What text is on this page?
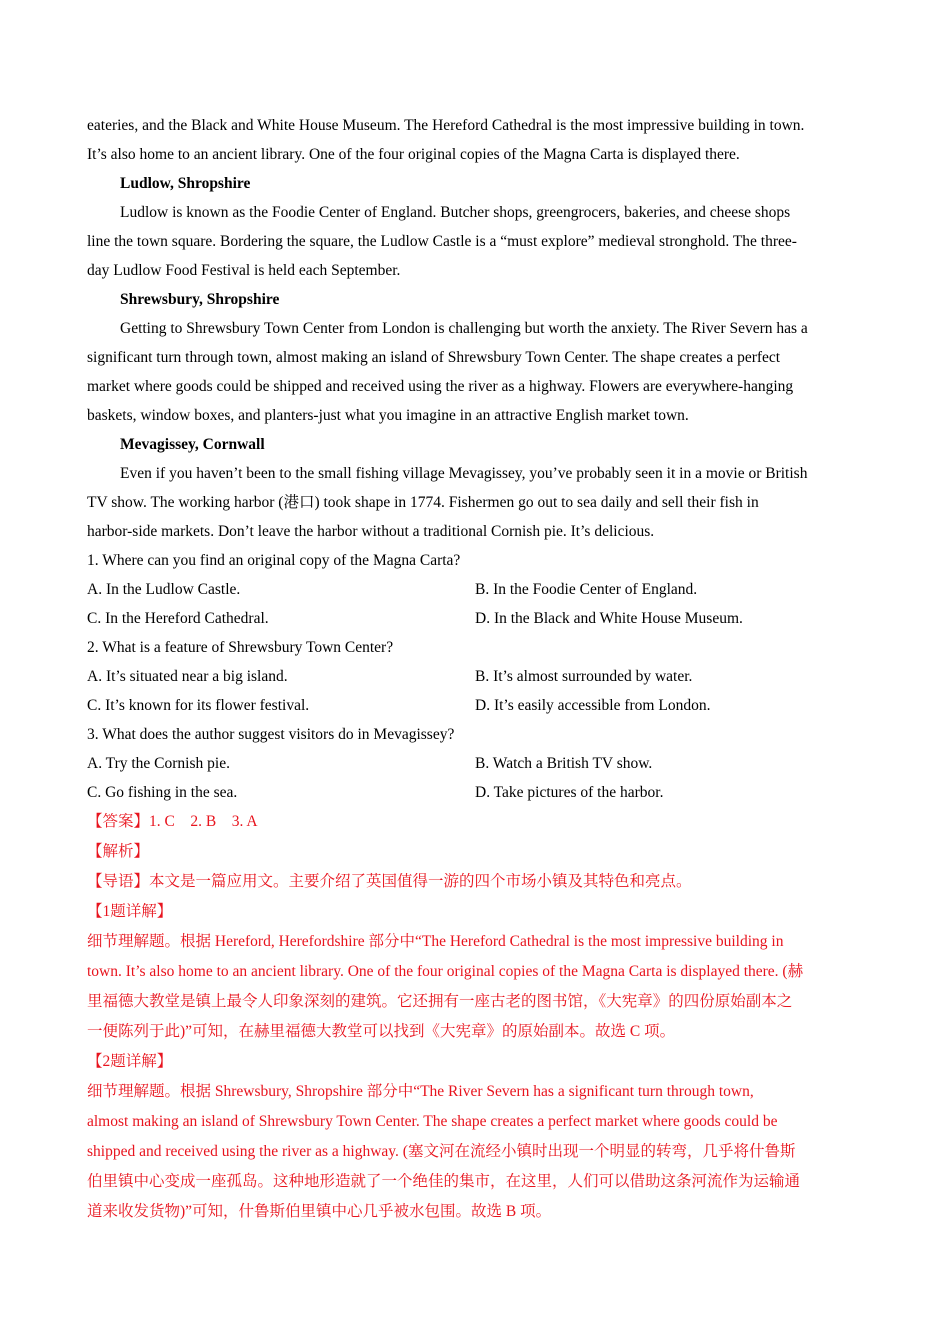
eateries, and the Black and White House Museum. The Hereford Cathedral is the most impressive building in town.
It’s also home to an ancient library. One of the four original copies of the Magna Carta is displayed there.
Ludlow, Shropshire
Ludlow is known as the Foodie Center of England. Butcher shops, greengrocers, bakeries, and cheese shops
line the town square. Bordering the square, the Ludlow Castle is a “must explore” medieval stronghold. The three-
day Ludlow Food Festival is held each September.
Shrewsbury, Shropshire
Getting to Shrewsbury Town Center from London is challenging but worth the anxiety. The River Severn has a
significant turn through town, almost making an island of Shrewsbury Town Center. The shape creates a perfect
market where goods could be shipped and received using the river as a highway. Flowers are everywhere-hanging
baskets, window boxes, and planters-just what you imagine in an attractive English market town.
Mevagissey, Cornwall
Even if you haven’t been to the small fishing village Mevagissey, you’ve probably seen it in a movie or British
TV show. The working harbor (港口) took shape in 1774. Fishermen go out to sea daily and sell their fish in
harbor-side markets. Don’t leave the harbor without a traditional Cornish pie. It’s delicious.
1. Where can you find an original copy of the Magna Carta?
A. In the Ludlow Castle.	B. In the Foodie Center of England.
C. In the Hereford Cathedral.	D. In the Black and White House Museum.
2. What is a feature of Shrewsbury Town Center?
A. It’s situated near a big island.	B. It’s almost surrounded by water.
C. It’s known for its flower festival.	D. It’s easily accessible from London.
3. What does the author suggest visitors do in Mevagissey?
A. Try the Cornish pie.	B. Watch a British TV show.
C. Go fishing in the sea.	D. Take pictures of the harbor.
【答案】1. C    2. B    3. A
【解析】
【导语】本文是一篇应用文。主要介绍了英国值得一游的四个市场小镇及其特色和亮点。
【1题详解】
细节理解题。根据 Hereford, Herefordshire 部分中“The Hereford Cathedral is the most impressive building in
town. It’s also home to an ancient library. One of the four original copies of the Magna Carta is displayed there. (赫
里福德大教堂是镇上最令人印象深刻的建筑。它还拥有一座古老的图书馆，《大宪章》的四份原始副本之
一便陈列于此)”可知，在赫里福德大教堂可以找到《大宪章》的原始副本。故选 C 项。
【2题详解】
细节理解题。根据 Shrewsbury, Shropshire 部分中“The River Severn has a significant turn through town,
almost making an island of Shrewsbury Town Center. The shape creates a perfect market where goods could be
shipped and received using the river as a highway. (塞文河在流经小镇时出现一个明显的转弯，几乎将什鲁斯
伯里镇中心变成一座孤岛。这种地形造就了一个绝佳的集市，在这里，人们可以借助这条河流作为运输通
道来收发货物)”可知，什鲁斯伯里镇中心几乎被水包围。故选 B 项。
